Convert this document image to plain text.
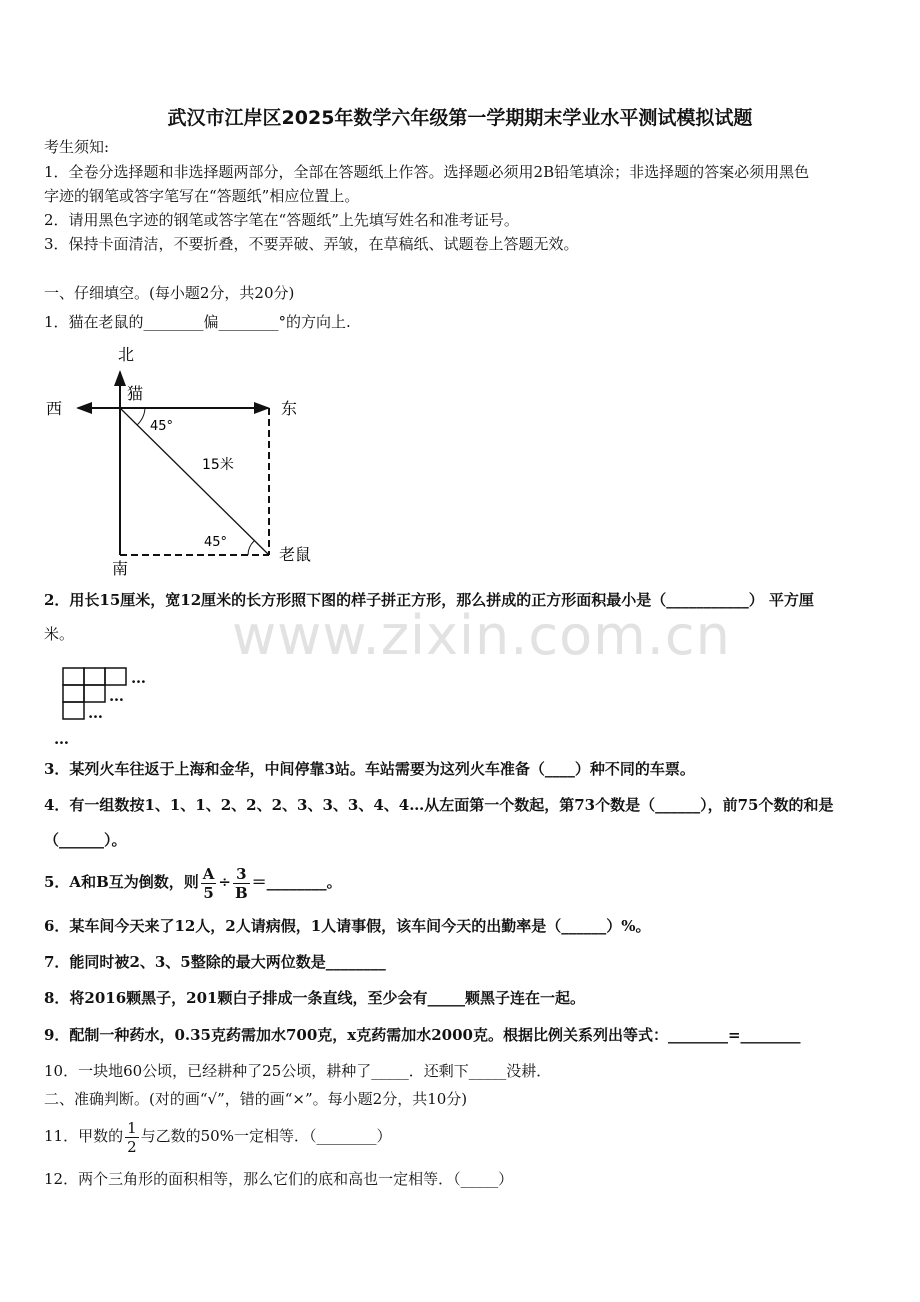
www.zixin.com.cn
武汉市江岸区2025年数学六年级第一学期期末学业水平测试模拟试题
考生须知:
1．全卷分选择题和非选择题两部分，全部在答题纸上作答。选择题必须用2B铅笔填涂；非选择题的答案必须用黑色
字迹的钢笔或答字笔写在“答题纸”相应位置上。
2．请用黑色字迹的钢笔或答字笔在“答题纸”上先填写姓名和准考证号。
3．保持卡面清洁，不要折叠，不要弄破、弄皱，在草稿纸、试题卷上答题无效。
一、仔细填空。(每小题2分，共20分)
1．猫在老鼠的________偏________°的方向上.
北
西	东
猫
南
老鼠
15米
45°
45°
2．用长15厘米，宽12厘米的长方形照下图的样子拼正方形，那么拼成的正方形面积最小是（___________） 平方厘
米。
…
…
…
…
3．某列火车往返于上海和金华，中间停靠3站。车站需要为这列火车准备（____）种不同的车票。
4．有一组数按1、1、1、2、2、2、3、3、3、4、4…从左面第一个数起，第73个数是（______），前75个数的和是
（______）。
5．A和B互为倒数，则 $\frac{A}{5} \div \frac{3}{B}$ ＝________。
6．某车间今天来了12人，2人请病假，1人请事假，该车间今天的出勤率是（______）%。
7．能同时被2、3、5整除的最大两位数是________
8．将2016颗黑子，201颗白子排成一条直线，至少会有_____颗黑子连在一起。
9．配制一种药水，0.35克药需加水700克，x克药需加水2000克。根据比例关系列出等式：________=________
10．一块地60公顷，已经耕种了25公顷，耕种了_____．还剩下_____没耕．
二、准确判断。(对的画“√”，错的画“×”。每小题2分，共10分)
11．甲数的 $\frac{1}{2}$ 与乙数的50%一定相等．（________）
12．两个三角形的面积相等，那么它们的底和高也一定相等．（_____）
